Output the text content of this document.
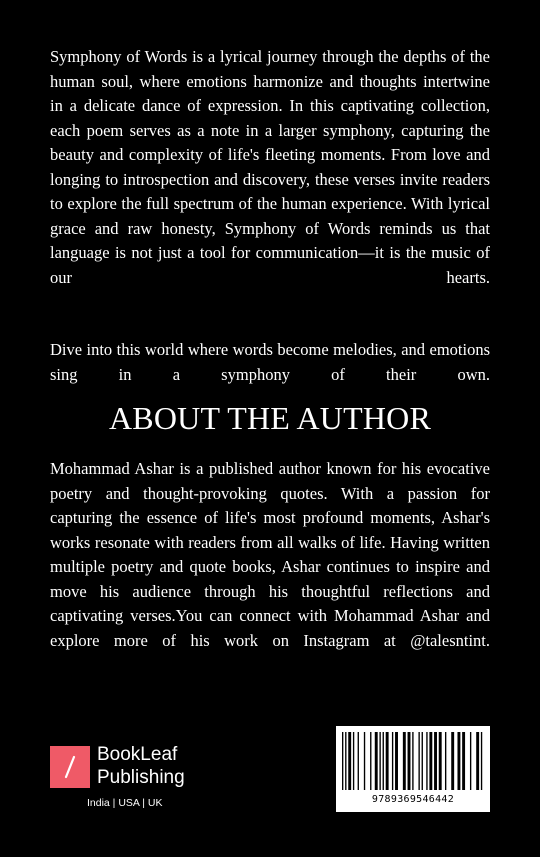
Symphony of Words is a lyrical journey through the depths of the human soul, where emotions harmonize and thoughts intertwine in a delicate dance of expression. In this captivating collection, each poem serves as a note in a larger symphony, capturing the beauty and complexity of life's fleeting moments. From love and longing to introspection and discovery, these verses invite readers to explore the full spectrum of the human experience. With lyrical grace and raw honesty, Symphony of Words reminds us that language is not just a tool for communication—it is the music of our hearts.

Dive into this world where words become melodies, and emotions sing in a symphony of their own.

ABOUT THE AUTHOR

Mohammad Ashar is a published author known for his evocative poetry and thought-provoking quotes. With a passion for capturing the essence of life's most profound moments, Ashar's works resonate with readers from all walks of life. Having written multiple poetry and quote books, Ashar continues to inspire and move his audience through his thoughtful reflections and captivating verses.You can connect with Mohammad Ashar and explore more of his work on Instagram at @talesntint.

BookLeaf
Publishing
India | USA | UK	9789369546442
